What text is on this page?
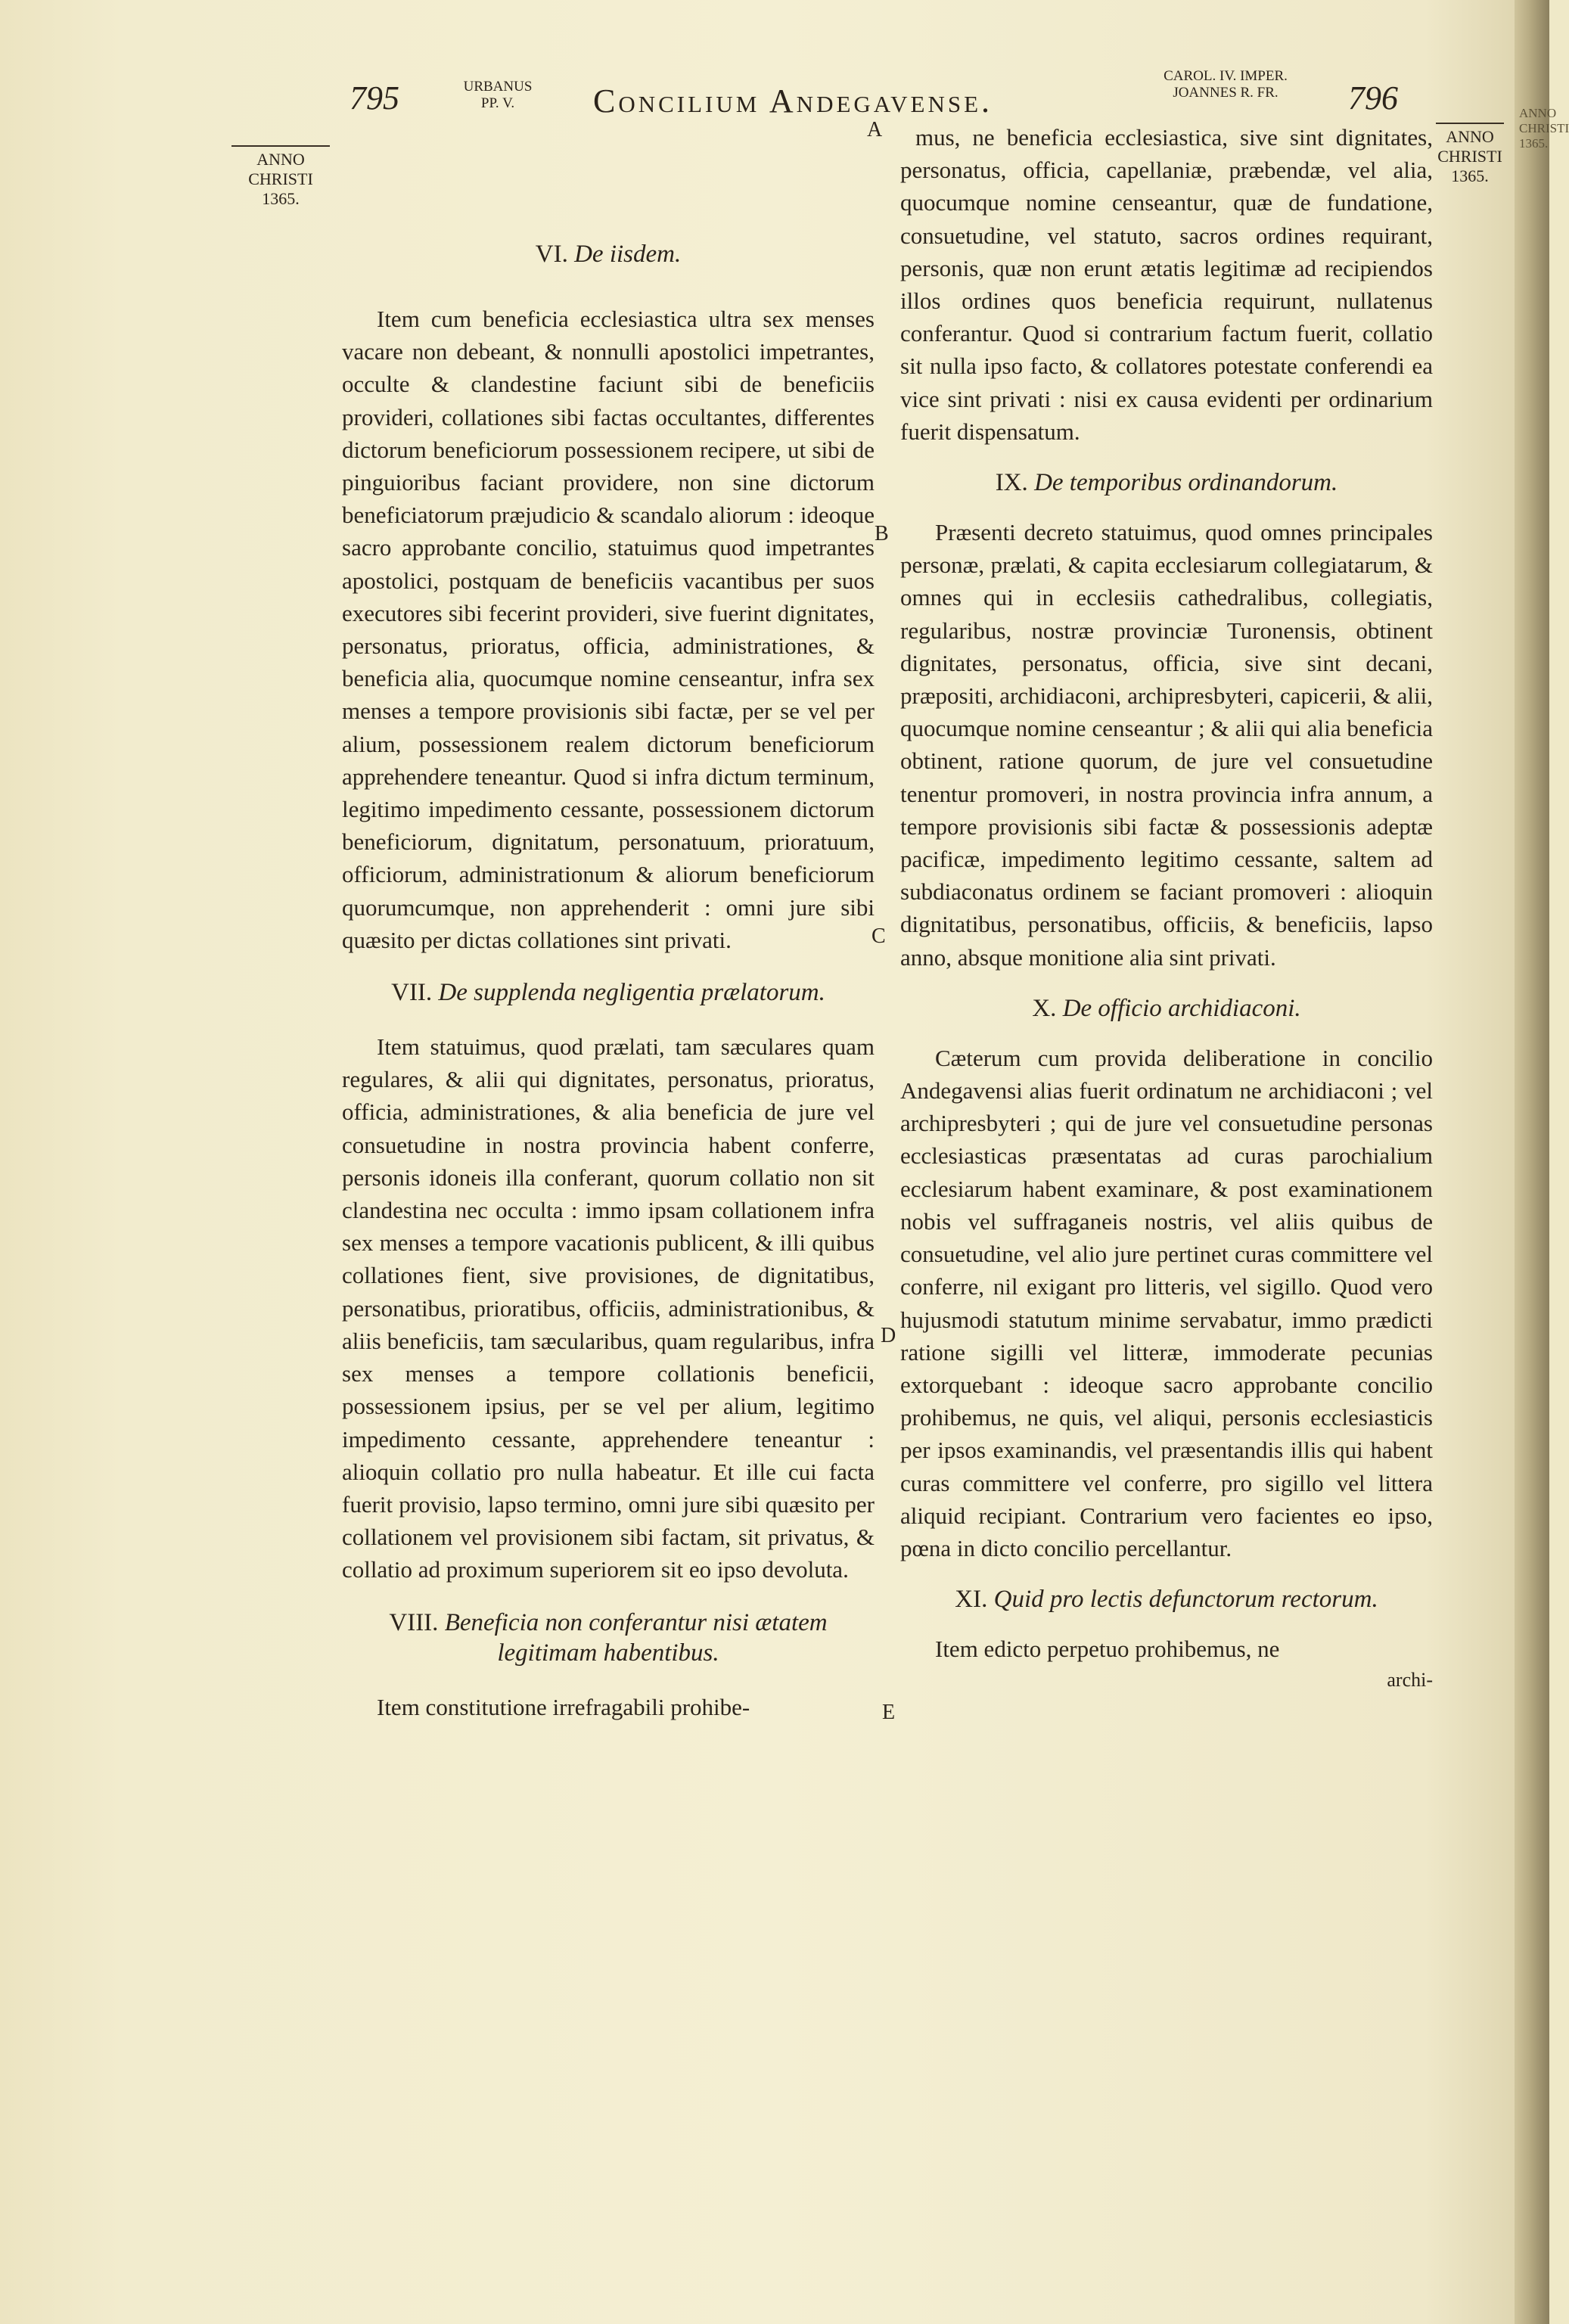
ANNO
CHRISTI
1365.
795	URBANUS
PP. V.	Concilium Andegavense.
CAROL. IV. IMPER.
JOANNES R. FR.	796
ANNO
CHRISTI
1365.
ANNO
CHRISTI
1365.
A
B
C
D
E
VI. De iisdem.

Item cum beneficia ecclesiastica ultra sex menses vacare non debeant, & nonnulli apostolici impetrantes, occulte & clandestine faciunt sibi de beneficiis provideri, collationes sibi factas occultantes, differentes dictorum beneficiorum possessionem recipere, ut sibi de pinguioribus faciant providere, non sine dictorum beneficiatorum præjudicio & scandalo aliorum : ideoque sacro approbante concilio, statuimus quod impetrantes apostolici, postquam de beneficiis vacantibus per suos executores sibi fecerint provideri, sive fuerint dignitates, personatus, prioratus, officia, administrationes, & beneficia alia, quocumque nomine censeantur, infra sex menses a tempore provisionis sibi factæ, per se vel per alium, possessionem realem dictorum beneficiorum apprehendere teneantur. Quod si infra dictum terminum, legitimo impedimento cessante, possessionem dictorum beneficiorum, dignitatum, personatuum, prioratuum, officiorum, administrationum & aliorum beneficiorum quorumcumque, non apprehenderit : omni jure sibi quæsito per dictas collationes sint privati.

VII. De supplenda negligentia prælatorum.

Item statuimus, quod prælati, tam sæculares quam regulares, & alii qui dignitates, personatus, prioratus, officia, administrationes, & alia beneficia de jure vel consuetudine in nostra provincia habent conferre, personis idoneis illa conferant, quorum collatio non sit clandestina nec occulta : immo ipsam collationem infra sex menses a tempore vacationis publicent, & illi quibus collationes fient, sive provisiones, de dignitatibus, personatibus, prioratibus, officiis, administrationibus, & aliis beneficiis, tam sæcularibus, quam regularibus, infra sex menses a tempore collationis beneficii, possessionem ipsius, per se vel per alium, legitimo impedimento cessante, apprehendere teneantur : alioquin collatio pro nulla habeatur. Et ille cui facta fuerit provisio, lapso termino, omni jure sibi quæsito per collationem vel provisionem sibi factam, sit privatus, & collatio ad proximum superiorem sit eo ipso devoluta.

VIII. Beneficia non conferantur nisi ætatem legitimam habentibus.

Item constitutione irrefragabili prohibe-

mus, ne beneficia ecclesiastica, sive sint dignitates, personatus, officia, capellaniæ, præbendæ, vel alia, quocumque nomine censeantur, quæ de fundatione, consuetudine, vel statuto, sacros ordines requirant, personis, quæ non erunt ætatis legitimæ ad recipiendos illos ordines quos beneficia requirunt, nullatenus conferantur. Quod si contrarium factum fuerit, collatio sit nulla ipso facto, & collatores potestate conferendi ea vice sint privati : nisi ex causa evidenti per ordinarium fuerit dispensatum.

IX. De temporibus ordinandorum.

Præsenti decreto statuimus, quod omnes principales personæ, prælati, & capita ecclesiarum collegiatarum, & omnes qui in ecclesiis cathedralibus, collegiatis, regularibus, nostræ provinciæ Turonensis, obtinent dignitates, personatus, officia, sive sint decani, præpositi, archidiaconi, archipresbyteri, capicerii, & alii, quocumque nomine censeantur ; & alii qui alia beneficia obtinent, ratione quorum, de jure vel consuetudine tenentur promoveri, in nostra provincia infra annum, a tempore provisionis sibi factæ & possessionis adeptæ pacificæ, impedimento legitimo cessante, saltem ad subdiaconatus ordinem se faciant promoveri : alioquin dignitatibus, personatibus, officiis, & beneficiis, lapso anno, absque monitione alia sint privati.

X. De officio archidiaconi.

Cæterum cum provida deliberatione in concilio Andegavensi alias fuerit ordinatum ne archidiaconi ; vel archipresbyteri ; qui de jure vel consuetudine personas ecclesiasticas præsentatas ad curas parochialium ecclesiarum habent examinare, & post examinationem nobis vel suffraganeis nostris, vel aliis quibus de consuetudine, vel alio jure pertinet curas committere vel conferre, nil exigant pro litteris, vel sigillo. Quod vero hujusmodi statutum minime servabatur, immo prædicti ratione sigilli vel litteræ, immoderate pecunias extorquebant : ideoque sacro approbante concilio prohibemus, ne quis, vel aliqui, personis ecclesiasticis per ipsos examinandis, vel præsentandis illis qui habent curas committere vel conferre, pro sigillo vel littera aliquid recipiant. Contrarium vero facientes eo ipso, pœna in dicto concilio percellantur.

XI. Quid pro lectis defunctorum rectorum.

Item edicto perpetuo prohibemus, ne

archi-
